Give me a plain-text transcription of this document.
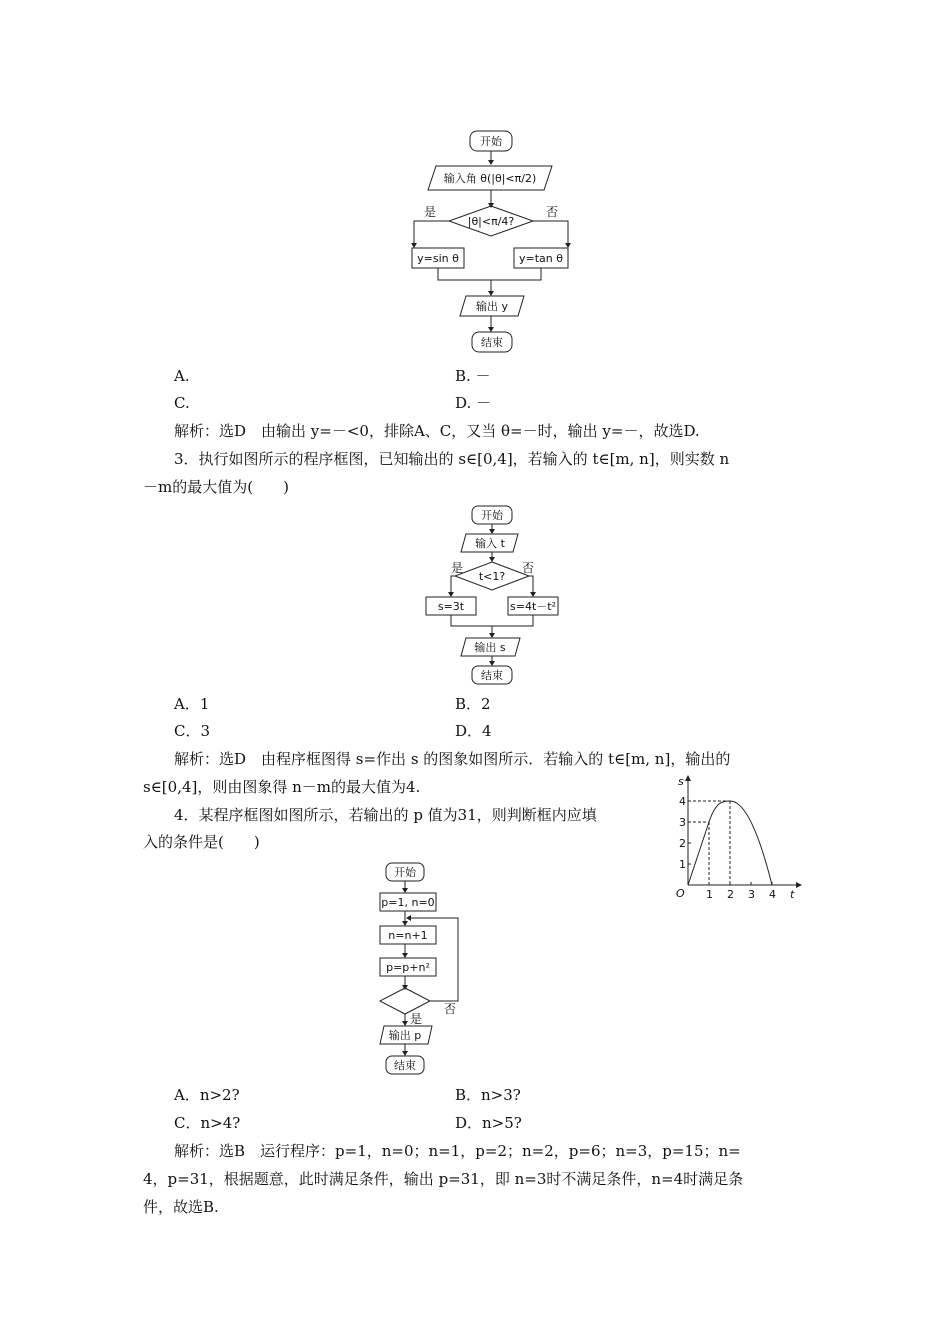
开始
输入角 θ(|θ|<π/2)
|θ|<π/4?
是	否
y=sin θ	y=tan θ
输出 y
结束
A.	B. －
C.	D. －
解析：选D　由输出 y=－<0，排除A、C，又当 θ=－时，输出 y=－，故选D.
3．执行如图所示的程序框图，已知输出的 s∈[0,4]，若输入的 t∈[m, n]，则实数 n
－m的最大值为(　　)
开始
输入 t
t<1?
是	否
s=3t	s=4t－t²
输出 s
结束
A．1	B．2
C．3	D．4
解析：选D　由程序框图得 s=作出 s 的图象如图所示．若输入的 t∈[m, n]，输出的
s∈[0,4]，则由图象得 n－m的最大值为4.	s
t
O
1
2
3
4
1 2 3 4
4．某程序框图如图所示，若输出的 p 值为31，则判断框内应填
入的条件是(　　)
开始
p=1, n=0
n=n+1
p=p+n²
否
是
输出 p
结束
A．n>2?	B．n>3?
C．n>4?	D．n>5?
解析：选B　运行程序：p=1，n=0；n=1，p=2；n=2，p=6；n=3，p=15；n=
4，p=31，根据题意，此时满足条件，输出 p=31，即 n=3时不满足条件，n=4时满足条
件，故选B.
